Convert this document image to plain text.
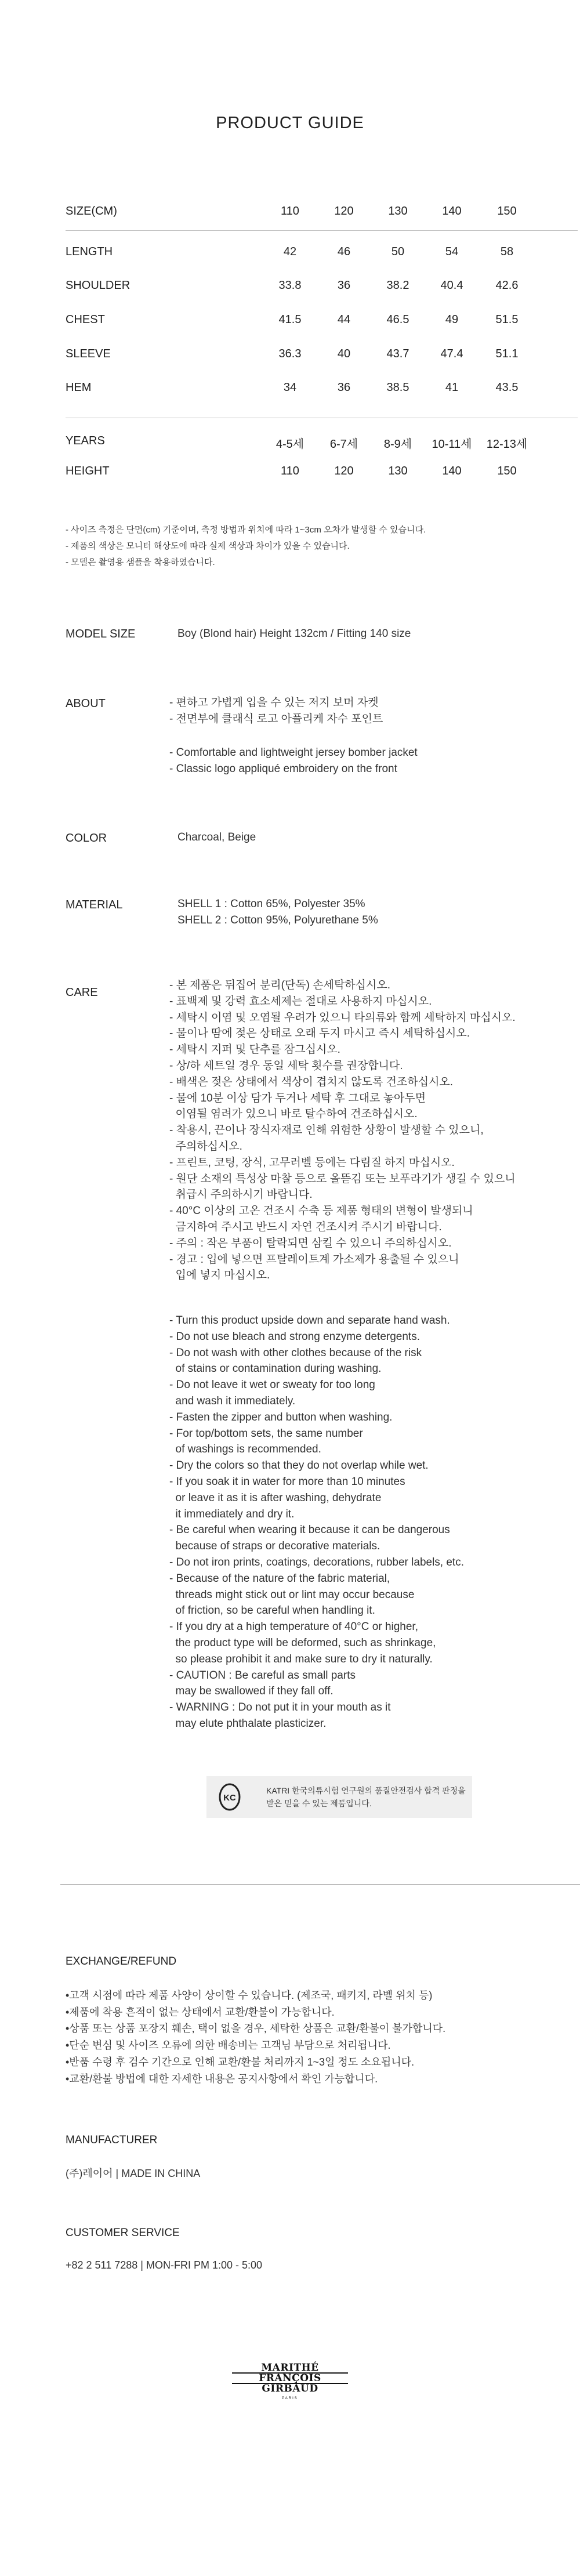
PRODUCT GUIDE
SIZE(CM)	110	120	130	140	150
LENGTH	42	46	50	54	58
SHOULDER	33.8	36	38.2	40.4	42.6
CHEST	41.5	44	46.5	49	51.5
SLEEVE	36.3	40	43.7	47.4	51.1
HEM	34	36	38.5	41	43.5
YEARS	4-5세	6-7세	8-9세	10-11세	12-13세
HEIGHT	110	120	130	140	150
- 사이즈 측정은 단면(cm) 기준이며, 측정 방법과 위치에 따라 1~3cm 오차가 발생할 수 있습니다.
- 제품의 색상은 모니터 해상도에 따라 실제 색상과 차이가 있을 수 있습니다.
- 모델은 촬영용 샘플을 착용하였습니다.
MODEL SIZE	Boy (Blond hair) Height 132cm / Fitting 140 size
ABOUT	- 편하고 가볍게 입을 수 있는 저지 보머 자켓
- 전면부에 클래식 로고 아플리케 자수 포인트
- Comfortable and lightweight jersey bomber jacket
- Classic logo appliqué embroidery on the front
COLOR	Charcoal, Beige
MATERIAL	SHELL 1 : Cotton 65%, Polyester 35%
SHELL 2 : Cotton 95%, Polyurethane 5%
CARE
- 본 제품은 뒤집어 분리(단독) 손세탁하십시오.
- 표백제 및 강력 효소세제는 절대로 사용하지 마십시오.
- 세탁시 이염 및 오염될 우려가 있으니 타의류와 함께 세탁하지 마십시오.
- 물이나 땀에 젖은 상태로 오래 두지 마시고 즉시 세탁하십시오.
- 세탁시 지퍼 및 단추를 잠그십시오.
- 상/하 세트일 경우 동일 세탁 횟수를 권장합니다.
- 배색은 젖은 상태에서 색상이 겹치지 않도록 건조하십시오.
- 물에 10분 이상 담가 두거나 세탁 후 그대로 놓아두면
이염될 염려가 있으니 바로 탈수하여 건조하십시오.
- 착용시, 끈이나 장식자재로 인해 위험한 상황이 발생할 수 있으니,
주의하십시오.
- 프린트, 코팅, 장식, 고무러벨 등에는 다림질 하지 마십시오.
- 원단 소재의 특성상 마찰 등으로 올뜯김 또는 보푸라기가 생길 수 있으니
취급시 주의하시기 바랍니다.
- 40°C 이상의 고온 건조시 수축 등 제품 형태의 변형이 발생되니
금지하여 주시고 반드시 자연 건조시켜 주시기 바랍니다.
- 주의 : 작은 부품이 탈락되면 삼킬 수 있으니 주의하십시오.
- 경고 : 입에 넣으면 프탈레이트계 가소제가 용출될 수 있으니
입에 넣지 마십시오.
- Turn this product upside down and separate hand wash.
- Do not use bleach and strong enzyme detergents.
- Do not wash with other clothes because of the risk
of stains or contamination during washing.
- Do not leave it wet or sweaty for too long
and wash it immediately.
- Fasten the zipper and button when washing.
- For top/bottom sets, the same number
of washings is recommended.
- Dry the colors so that they do not overlap while wet.
- If you soak it in water for more than 10 minutes
or leave it as it is after washing, dehydrate
it immediately and dry it.
- Be careful when wearing it because it can be dangerous
because of straps or decorative materials.
- Do not iron prints, coatings, decorations, rubber labels, etc.
- Because of the nature of the fabric material,
threads might stick out or lint may occur because
of friction, so be careful when handling it.
- If you dry at a high temperature of 40°C or higher,
the product type will be deformed, such as shrinkage,
so please prohibit it and make sure to dry it naturally.
- CAUTION : Be careful as small parts
may be swallowed if they fall off.
- WARNING : Do not put it in your mouth as it
may elute phthalate plasticizer.
KC
KATRI 한국의류시험 연구원의 품질안전검사 합격 판정을
받은 믿을 수 있는 제품입니다.
EXCHANGE/REFUND
•고객 시점에 따라 제품 사양이 상이할 수 있습니다. (제조국, 패키지, 라벨 위치 등)
•제품에 착용 흔적이 없는 상태에서 교환/환불이 가능합니다.
•상품 또는 상품 포장지 훼손, 택이 없을 경우, 세탁한 상품은 교환/환불이 불가합니다.
•단순 변심 및 사이즈 오류에 의한 배송비는 고객님 부담으로 처리됩니다.
•반품 수령 후 검수 기간으로 인해 교환/환불 처리까지 1~3일 정도 소요됩니다.
•교환/환불 방법에 대한 자세한 내용은 공지사항에서 확인 가능합니다.
MANUFACTURER
(주)레이어 | MADE IN CHINA
CUSTOMER SERVICE
+82 2 511 7288 | MON-FRI PM 1:00 - 5:00
MARITHÉ
FRANÇOIS
GIRBAUD
PARIS
